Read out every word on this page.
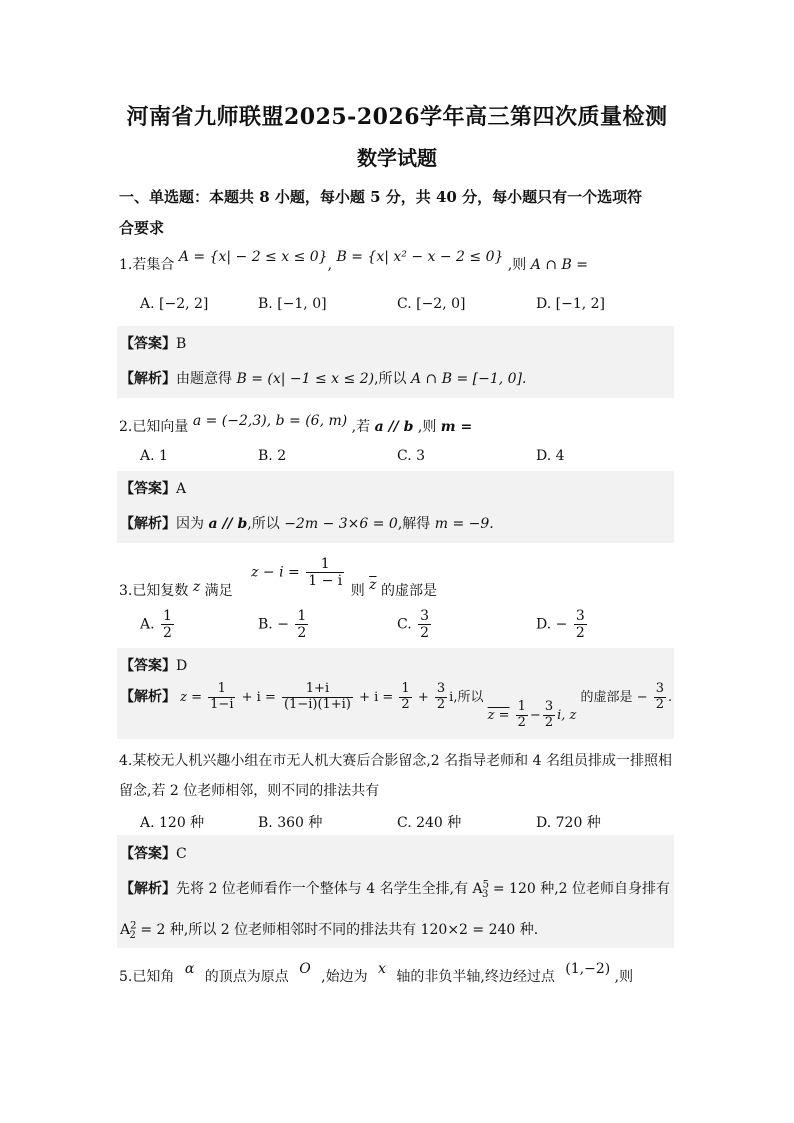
河南省九师联盟2025-2026学年高三第四次质量检测
数学试题
一、单选题：本题共 8 小题，每小题 5 分，共 40 分，每小题只有一个选项符
合要求
1.若集合 A = {x| − 2 ≤ x ≤ 0}, B = {x| x² − x − 2 ≤ 0} ,则 A ∩ B =
A. [−2, 2]	B. [−1, 0]	C. [−2, 0]	D. [−1, 2]
【答案】B
【解析】由题意得 B = (x| −1 ≤ x ≤ 2),所以 A ∩ B = [−1, 0].
2.已知向量 a = (−2,3), b = (6, m) ,若 a // b ,则 m =
A. 1	B. 2	C. 3	D. 4
【答案】A
【解析】因为 a // b,所以 −2m − 3×6 = 0,解得 m = −9.
3.已知复数 z 满足 $z - i = \frac{1}{1 - i}$
则 $\overline{z}$ 的虚部是
A. $\frac{1}{2}$	B. − $\frac{1}{2}$	C. $\frac{3}{2}$	D. − $\frac{3}{2}$
【答案】D
【解析】 $z = \frac{1}{1-i} + i = \frac{1+i}{(1-i)(1+i)} + i = \frac{1}{2} + \frac{3}{2} i$,所以 $z = \frac{1}{2} - \frac{3}{2} i$, z 的虚部是 − $\frac{3}{2}$ .
4.某校无人机兴趣小组在市无人机大赛后合影留念,2 名指导老师和 4 名组员排成一排照相
留念,若 2 位老师相邻，则不同的排法共有
A. 120 种	B. 360 种	C. 240 种	D. 720 种
【答案】C
【解析】先将 2 位老师看作一个整体与 4 名学生全排,有 $A^5_3 = 120$ 种,2 位老师自身排有
$A^2_2 = 2$ 种,所以 2 位老师相邻时不同的排法共有 120×2 = 240 种.
5.已知角 α 的顶点为原点 O ,始边为 x 轴的非负半轴,终边经过点 (1,−2) ,则
